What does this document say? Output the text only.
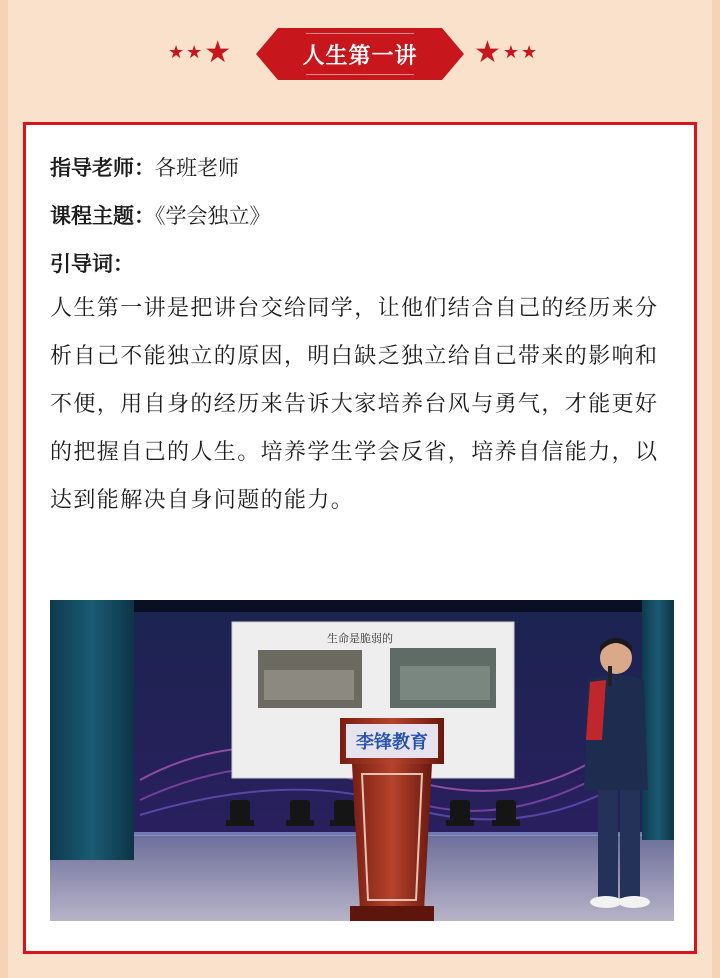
★ ★ ★	人生第一讲 ★ ★ ★
指导老师：各班老师
课程主题：《学会独立》
引导词：
人生第一讲是把讲台交给同学，让他们结合自己的经历来分析自己不能独立的原因，明白缺乏独立给自己带来的影响和不便，用自身的经历来告诉大家培养台风与勇气，才能更好的把握自己的人生。培养学生学会反省，培养自信能力，以达到能解决自身问题的能力。
生命是脆弱的
李锋教育
